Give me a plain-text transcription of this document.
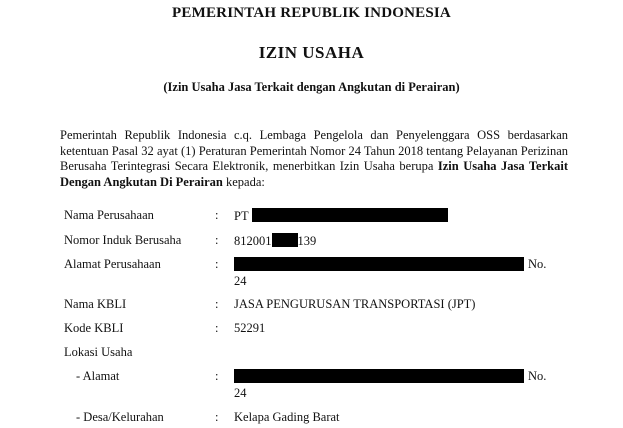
PEMERINTAH REPUBLIK INDONESIA
IZIN USAHA
(Izin Usaha Jasa Terkait dengan Angkutan di Perairan)

Pemerintah Republik Indonesia c.q. Lembaga Pengelola dan Penyelenggara OSS berdasarkan ketentuan Pasal 32 ayat (1) Peraturan Pemerintah Nomor 24 Tahun 2018 tentang Pelayanan Perizinan Berusaha Terintegrasi Secara Elektronik, menerbitkan Izin Usaha berupa Izin Usaha Jasa Terkait Dengan Angkutan Di Perairan kepada:

Nama Perusahaan	: PT
Nomor Induk Berusaha	: 812001 139
Alamat Perusahaan	:	No.
24
Nama KBLI	: JASA PENGURUSAN TRANSPORTASI (JPT)
Kode KBLI	: 52291
Lokasi Usaha
- Alamat	:	No.
24
- Desa/Kelurahan	: Kelapa Gading Barat
